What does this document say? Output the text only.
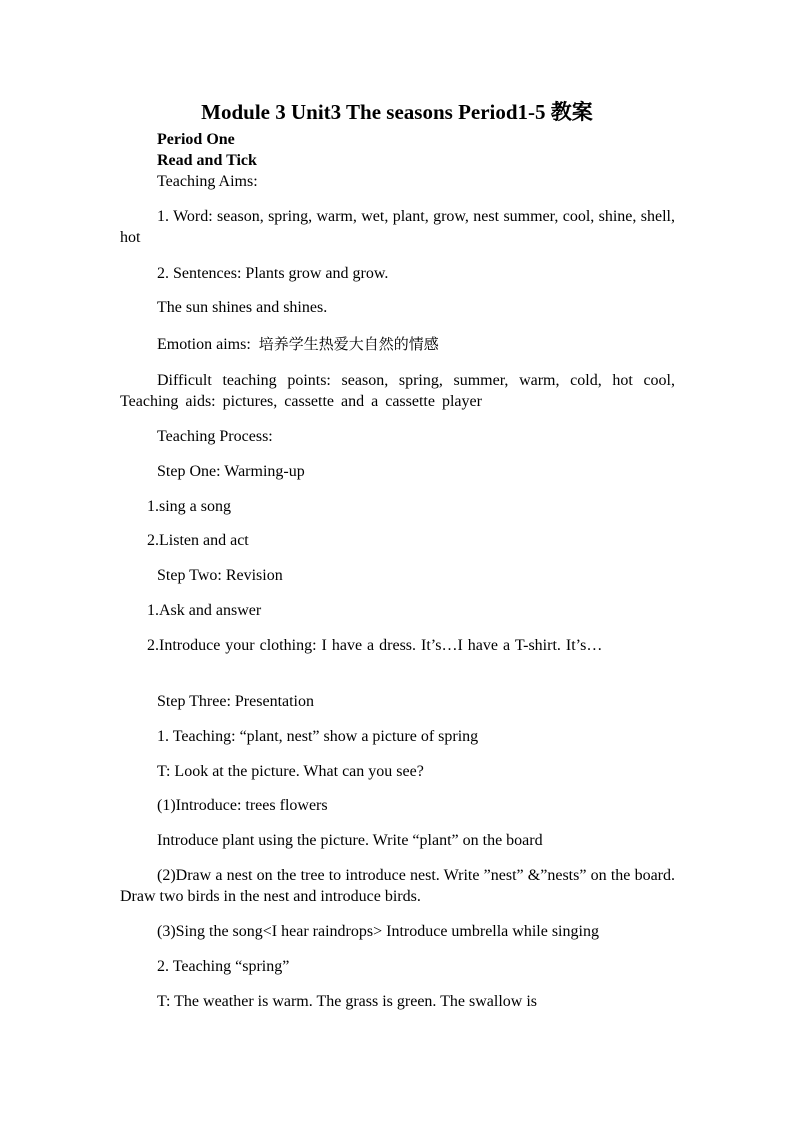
Module 3 Unit3 The seasons Period1-5 教案
Period One
Read and Tick
Teaching Aims:
1. Word: season, spring, warm, wet, plant, grow, nest summer, cool, shine, shell, hot
2. Sentences: Plants grow and grow.
The sun shines and shines.
Emotion aims: 培养学生热爱大自然的情感
Difficult teaching points: season, spring, summer, warm, cold, hot cool, Teaching aids: pictures, cassette and a cassette player
Teaching Process:
Step One: Warming-up
1.sing a song
2.Listen and act
Step Two: Revision
1.Ask and answer
2.Introduce your clothing: I have a dress. It’s…I have a T-shirt. It’s…
Step Three: Presentation
1. Teaching: “plant, nest” show a picture of spring
T: Look at the picture. What can you see?
(1)Introduce: trees flowers
Introduce plant using the picture. Write “plant” on the board
(2)Draw a nest on the tree to introduce nest. Write ”nest” &”nests” on the board. Draw two birds in the nest and introduce birds.
(3)Sing the song<I hear raindrops> Introduce umbrella while singing
2. Teaching “spring”
T: The weather is warm. The grass is green. The swallow is
